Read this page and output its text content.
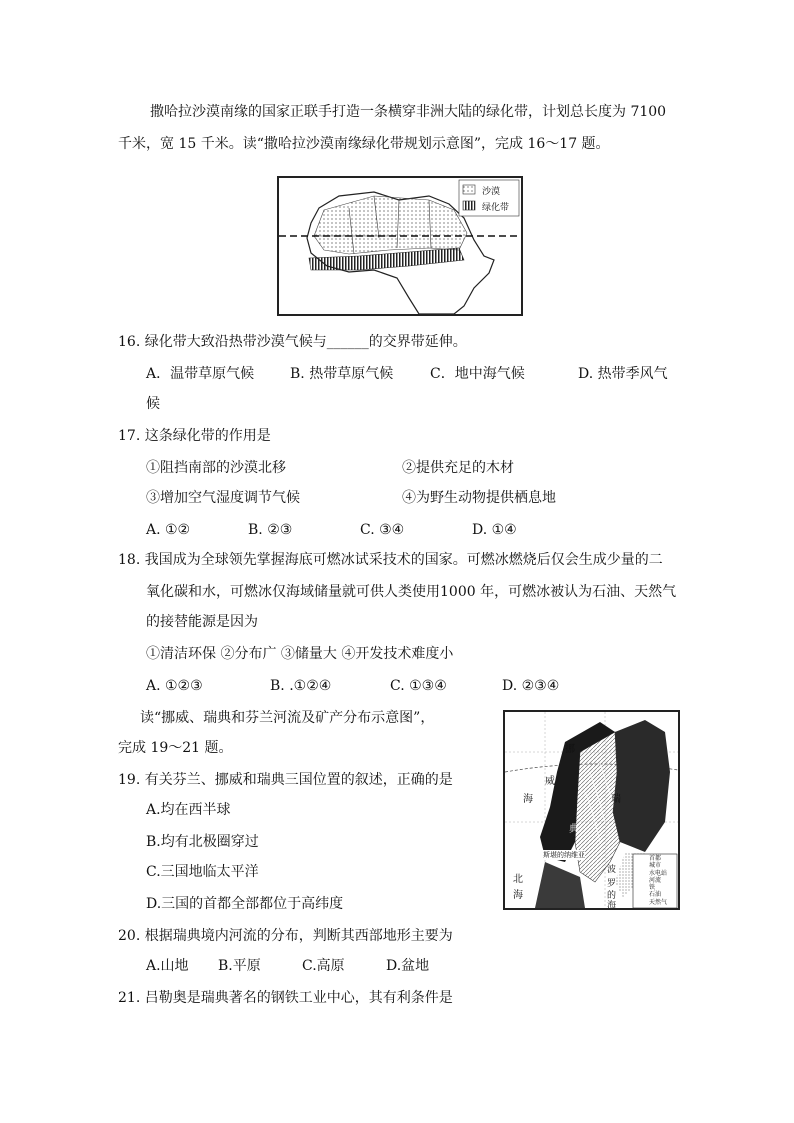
撒哈拉沙漠南缘的国家正联手打造一条横穿非洲大陆的绿化带，计划总长度为 7100
千米，宽 15 千米。读“撒哈拉沙漠南缘绿化带规划示意图”，完成 16～17 题。
沙漠
绿化带
16. 绿化带大致沿热带沙漠气候与______的交界带延伸。
A．温带草原气候	B. 热带草原气候	C．地中海气候	D. 热带季风气
候
17. 这条绿化带的作用是
①阻挡南部的沙漠北移	②提供充足的木材
③增加空气湿度调节气候	④为野生动物提供栖息地
A. ①②	B. ②③	C. ③④	D. ①④
18. 我国成为全球领先掌握海底可燃冰试采技术的国家。可燃冰燃烧后仅会生成少量的二
氧化碳和水，可燃冰仅海域储量就可供人类使用1000 年，可燃冰被认为石油、天然气
的接替能源是因为
①清洁环保 ②分布广 ③储量大 ④开发技术难度小
A. ①②③	B. .①②④	C. ①③④	D. ②③④
读“挪威、瑞典和芬兰河流及矿产分布示意图”，
完成 19～21 题。	挪
威
海
北
海
典
瑞
波
罗
的
海
斯堪的纳维亚
高斯
首都
城市
水电站
河流
铁
石油
天然气
19. 有关芬兰、挪威和瑞典三国位置的叙述，正确的是
A.均在西半球
B.均有北极圈穿过
C.三国地临太平洋
D.三国的首都全部都位于高纬度
20. 根据瑞典境内河流的分布，判断其西部地形主要为
A.山地 B.平原	C.高原	D.盆地
21. 吕勒奥是瑞典著名的钢铁工业中心，其有利条件是
